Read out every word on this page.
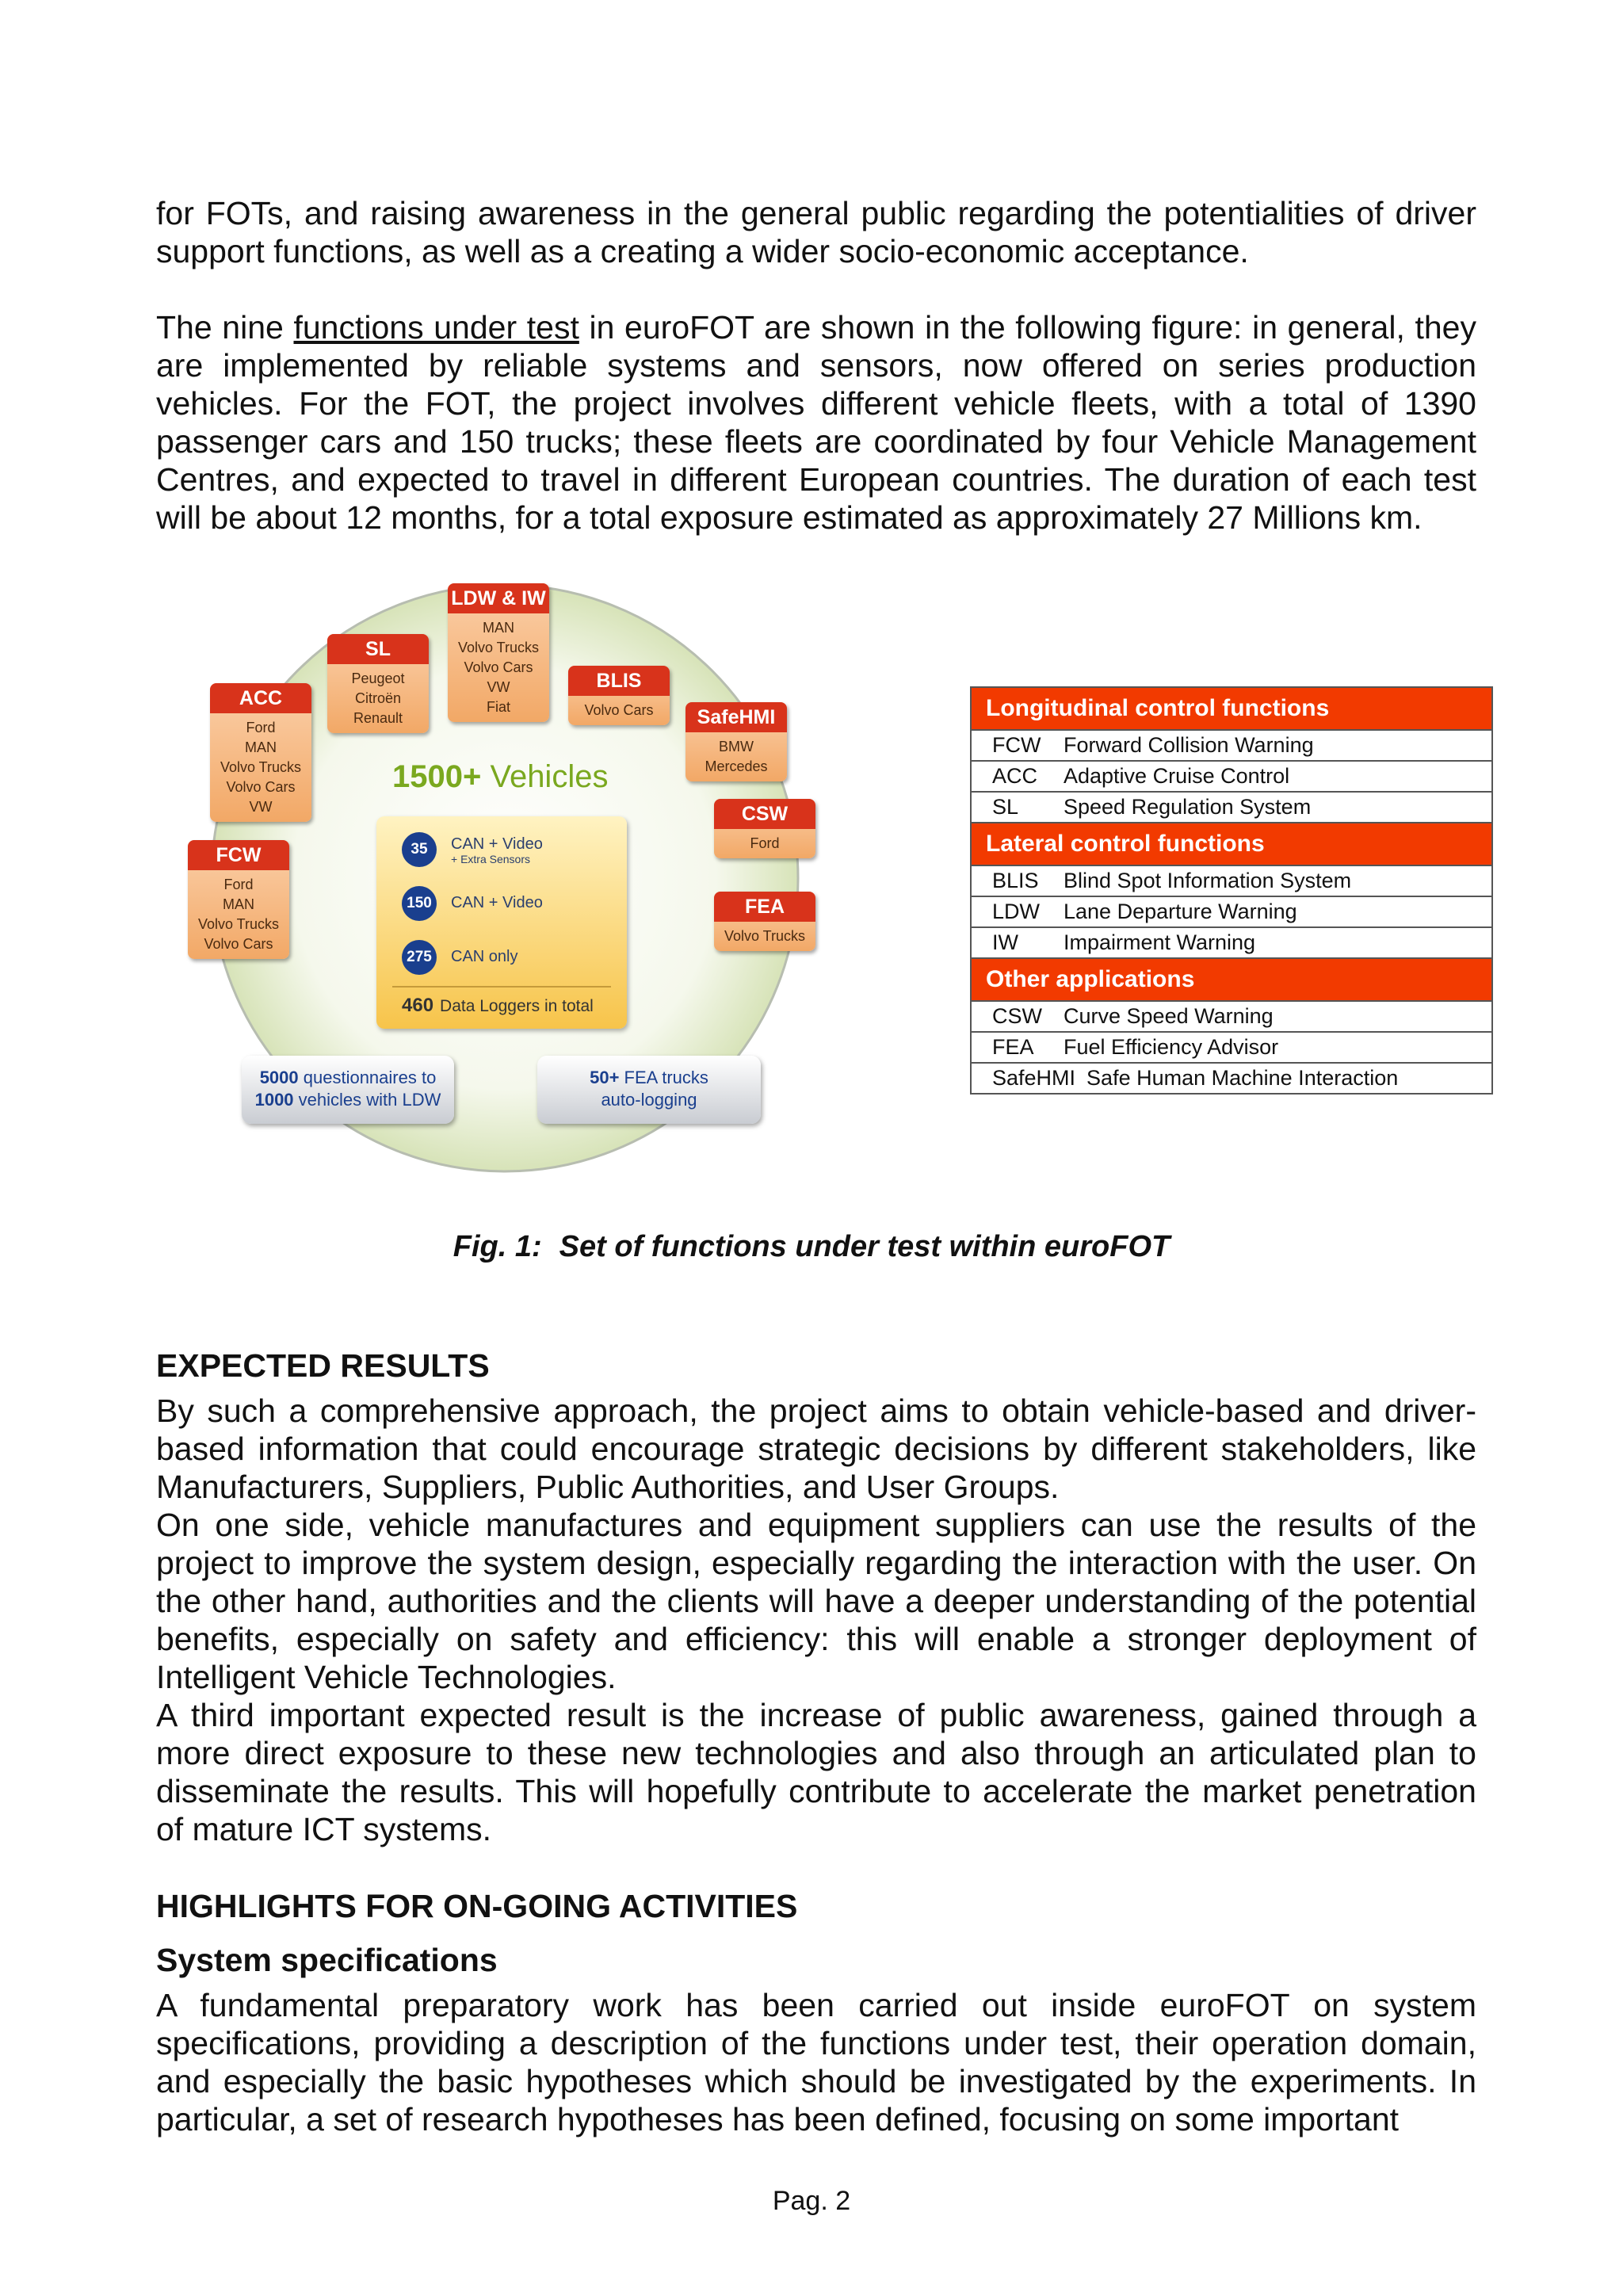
for FOTs, and raising awareness in the general public regarding the potentialities of driver support functions, as well as a creating a wider socio-economic acceptance.

The nine functions under test in euroFOT are shown in the following figure: in general, they are implemented by reliable systems and sensors, now offered on series production vehicles. For the FOT, the project involves different vehicle fleets, with a total of 1390 passenger cars and 150 trucks; these fleets are coordinated by four Vehicle Management Centres, and expected to travel in different European countries. The duration of each test will be about 12 months, for a total exposure estimated as approximately 27 Millions km.

ACC
Ford
MAN
Volvo Trucks
Volvo Cars
VW
SL
Peugeot
Citroën
Renault
LDW & IW
MAN
Volvo Trucks
Volvo Cars
VW
Fiat
BLIS
Volvo Cars	SafeHMI
BMW
Mercedes
CSW
Ford
FEA
Volvo Trucks
FCW
Ford
MAN
Volvo Trucks
Volvo Cars
1500+ Vehicles
35	CAN + Video
+ Extra Sensors
150	CAN + Video
275	CAN only
460 Data Loggers in total
5000 questionnaires to
1000 vehicles with LDW
50+ FEA trucks
auto-logging
Longitudinal control functions
FCW Forward Collision Warning
ACC Adaptive Cruise Control
SL Speed Regulation System
Lateral control functions
BLIS Blind Spot Information System
LDW Lane Departure Warning
IW Impairment Warning
Other applications
CSW Curve Speed Warning
FEA Fuel Efficiency Advisor
SafeHMI Safe Human Machine Interaction
Fig. 1: Set of functions under test within euroFOT
EXPECTED RESULTS

By such a comprehensive approach, the project aims to obtain vehicle-based and driver-based information that could encourage strategic decisions by different stakeholders, like Manufacturers, Suppliers, Public Authorities, and User Groups.

On one side, vehicle manufactures and equipment suppliers can use the results of the project to improve the system design, especially regarding the interaction with the user. On the other hand, authorities and the clients will have a deeper understanding of the potential benefits, especially on safety and efficiency: this will enable a stronger deployment of Intelligent Vehicle Technologies.

A third important expected result is the increase of public awareness, gained through a more direct exposure to these new technologies and also through an articulated plan to disseminate the results. This will hopefully contribute to accelerate the market penetration of mature ICT systems.

HIGHLIGHTS FOR ON-GOING ACTIVITIES
System specifications

A fundamental preparatory work has been carried out inside euroFOT on system specifications, providing a description of the functions under test, their operation domain, and especially the basic hypotheses which should be investigated by the experiments. In particular, a set of research hypotheses has been defined, focusing on some important

Pag. 2
